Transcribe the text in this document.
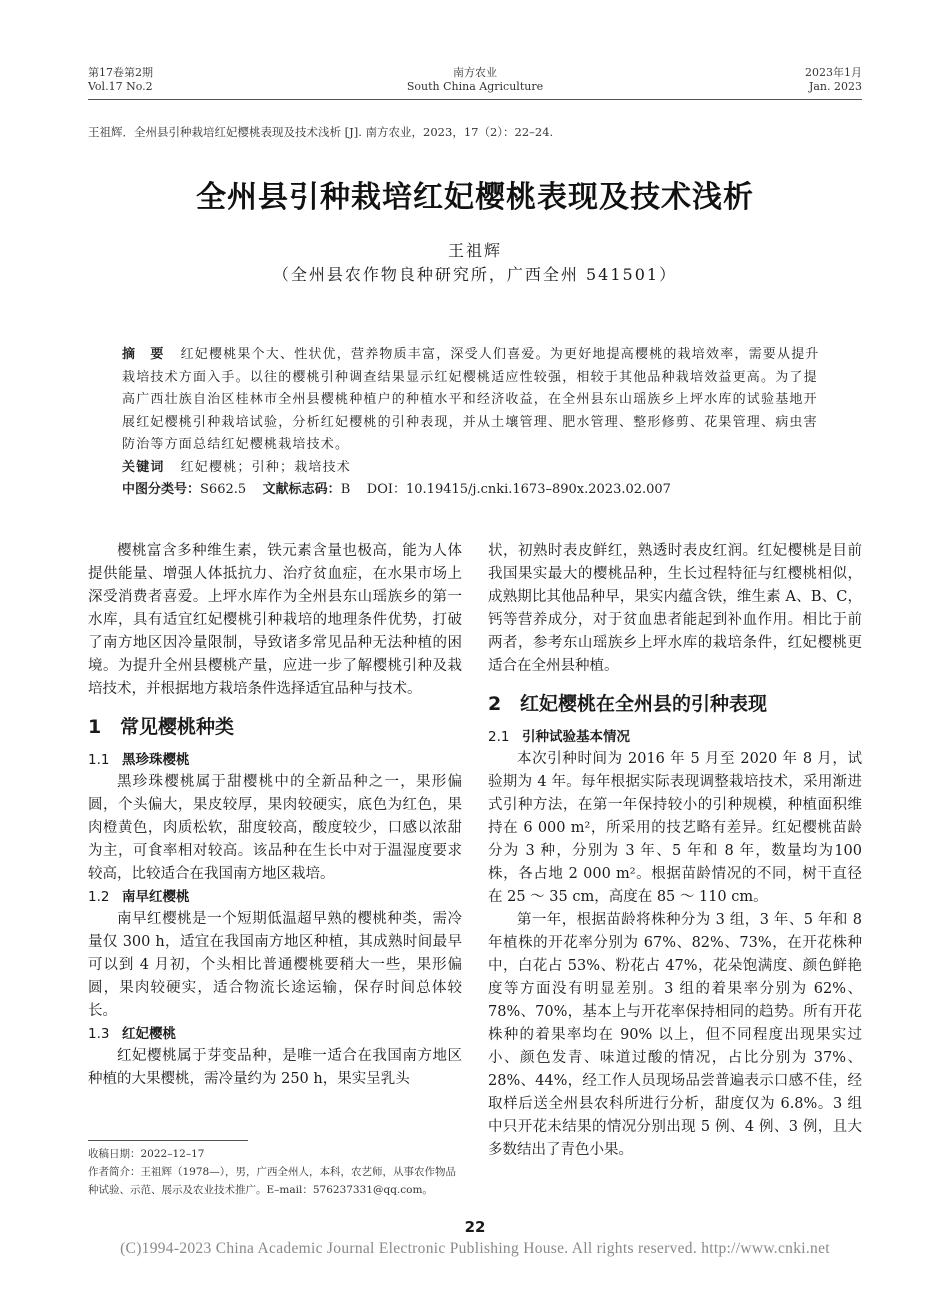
第17卷第2期
Vol.17 No.2
南方农业
South China Agriculture
2023年1月
Jan. 2023
王祖辉．全州县引种栽培红妃樱桃表现及技术浅析 [J]. 南方农业，2023，17（2）：22–24.
全州县引种栽培红妃樱桃表现及技术浅析
王祖辉
（全州县农作物良种研究所，广西全州 541501）

摘　要 红妃樱桃果个大、性状优，营养物质丰富，深受人们喜爱。为更好地提高樱桃的栽培效率，需要从提升栽培技术方面入手。以往的樱桃引种调查结果显示红妃樱桃适应性较强，相较于其他品种栽培效益更高。为了提高广西壮族自治区桂林市全州县樱桃种植户的种植水平和经济收益，在全州县东山瑶族乡上坪水库的试验基地开展红妃樱桃引种栽培试验，分析红妃樱桃的引种表现，并从土壤管理、肥水管理、整形修剪、花果管理、病虫害防治等方面总结红妃樱桃栽培技术。

关键词 红妃樱桃；引种；栽培技术

中图分类号：S662.5 文献标志码：B DOI：10.19415/j.cnki.1673–890x.2023.02.007

樱桃富含多种维生素，铁元素含量也极高，能为人体提供能量、增强人体抵抗力、治疗贫血症，在水果市场上深受消费者喜爱。上坪水库作为全州县东山瑶族乡的第一水库，具有适宜红妃樱桃引种栽培的地理条件优势，打破了南方地区因冷量限制，导致诸多常见品种无法种植的困境。为提升全州县樱桃产量，应进一步了解樱桃引种及栽培技术，并根据地方栽培条件选择适宜品种与技术。

1 常见樱桃种类
1.1 黑珍珠樱桃

黑珍珠樱桃属于甜樱桃中的全新品种之一，果形偏圆，个头偏大，果皮较厚，果肉较硬实，底色为红色，果肉橙黄色，肉质松软，甜度较高，酸度较少，口感以浓甜为主，可食率相对较高。该品种在生长中对于温湿度要求较高，比较适合在我国南方地区栽培。

1.2 南早红樱桃

南早红樱桃是一个短期低温超早熟的樱桃种类，需冷量仅 300 h，适宜在我国南方地区种植，其成熟时间最早可以到 4 月初，个头相比普通樱桃要稍大一些，果形偏圆，果肉较硬实，适合物流长途运输，保存时间总体较长。

1.3 红妃樱桃

红妃樱桃属于芽变品种，是唯一适合在我国南方地区种植的大果樱桃，需冷量约为 250 h，果实呈乳头

收稿日期：2022–12–17

作者简介：王祖辉（1978—），男，广西全州人，本科，农艺师，从事农作物品种试验、示范、展示及农业技术推广。E–mail：576237331@qq.com。

状，初熟时表皮鲜红，熟透时表皮红润。红妃樱桃是目前我国果实最大的樱桃品种，生长过程特征与红樱桃相似，成熟期比其他品种早，果实内蕴含铁，维生素 A、B、C，钙等营养成分，对于贫血患者能起到补血作用。相比于前两者，参考东山瑶族乡上坪水库的栽培条件，红妃樱桃更适合在全州县种植。

2 红妃樱桃在全州县的引种表现
2.1 引种试验基本情况

本次引种时间为 2016 年 5 月至 2020 年 8 月，试验期为 4 年。每年根据实际表现调整栽培技术，采用渐进式引种方法，在第一年保持较小的引种规模，种植面积维持在 6 000 m²，所采用的技艺略有差异。红妃樱桃苗龄分为 3 种，分别为 3 年、5 年和 8 年，数量均为100 株，各占地 2 000 m²。根据苗龄情况的不同，树干直径在 25 ～ 35 cm，高度在 85 ～ 110 cm。

第一年，根据苗龄将株种分为 3 组，3 年、5 年和 8 年植株的开花率分别为 67%、82%、73%，在开花株种中，白花占 53%、粉花占 47%，花朵饱满度、颜色鲜艳度等方面没有明显差别。3 组的着果率分别为 62%、78%、70%，基本上与开花率保持相同的趋势。所有开花株种的着果率均在 90% 以上，但不同程度出现果实过小、颜色发青、味道过酸的情况，占比分别为 37%、28%、44%，经工作人员现场品尝普遍表示口感不佳，经取样后送全州县农科所进行分析，甜度仅为 6.8%。3 组中只开花未结果的情况分别出现 5 例、4 例、3 例，且大多数结出了青色小果。

22
(C)1994-2023 China Academic Journal Electronic Publishing House. All rights reserved. http://www.cnki.net
